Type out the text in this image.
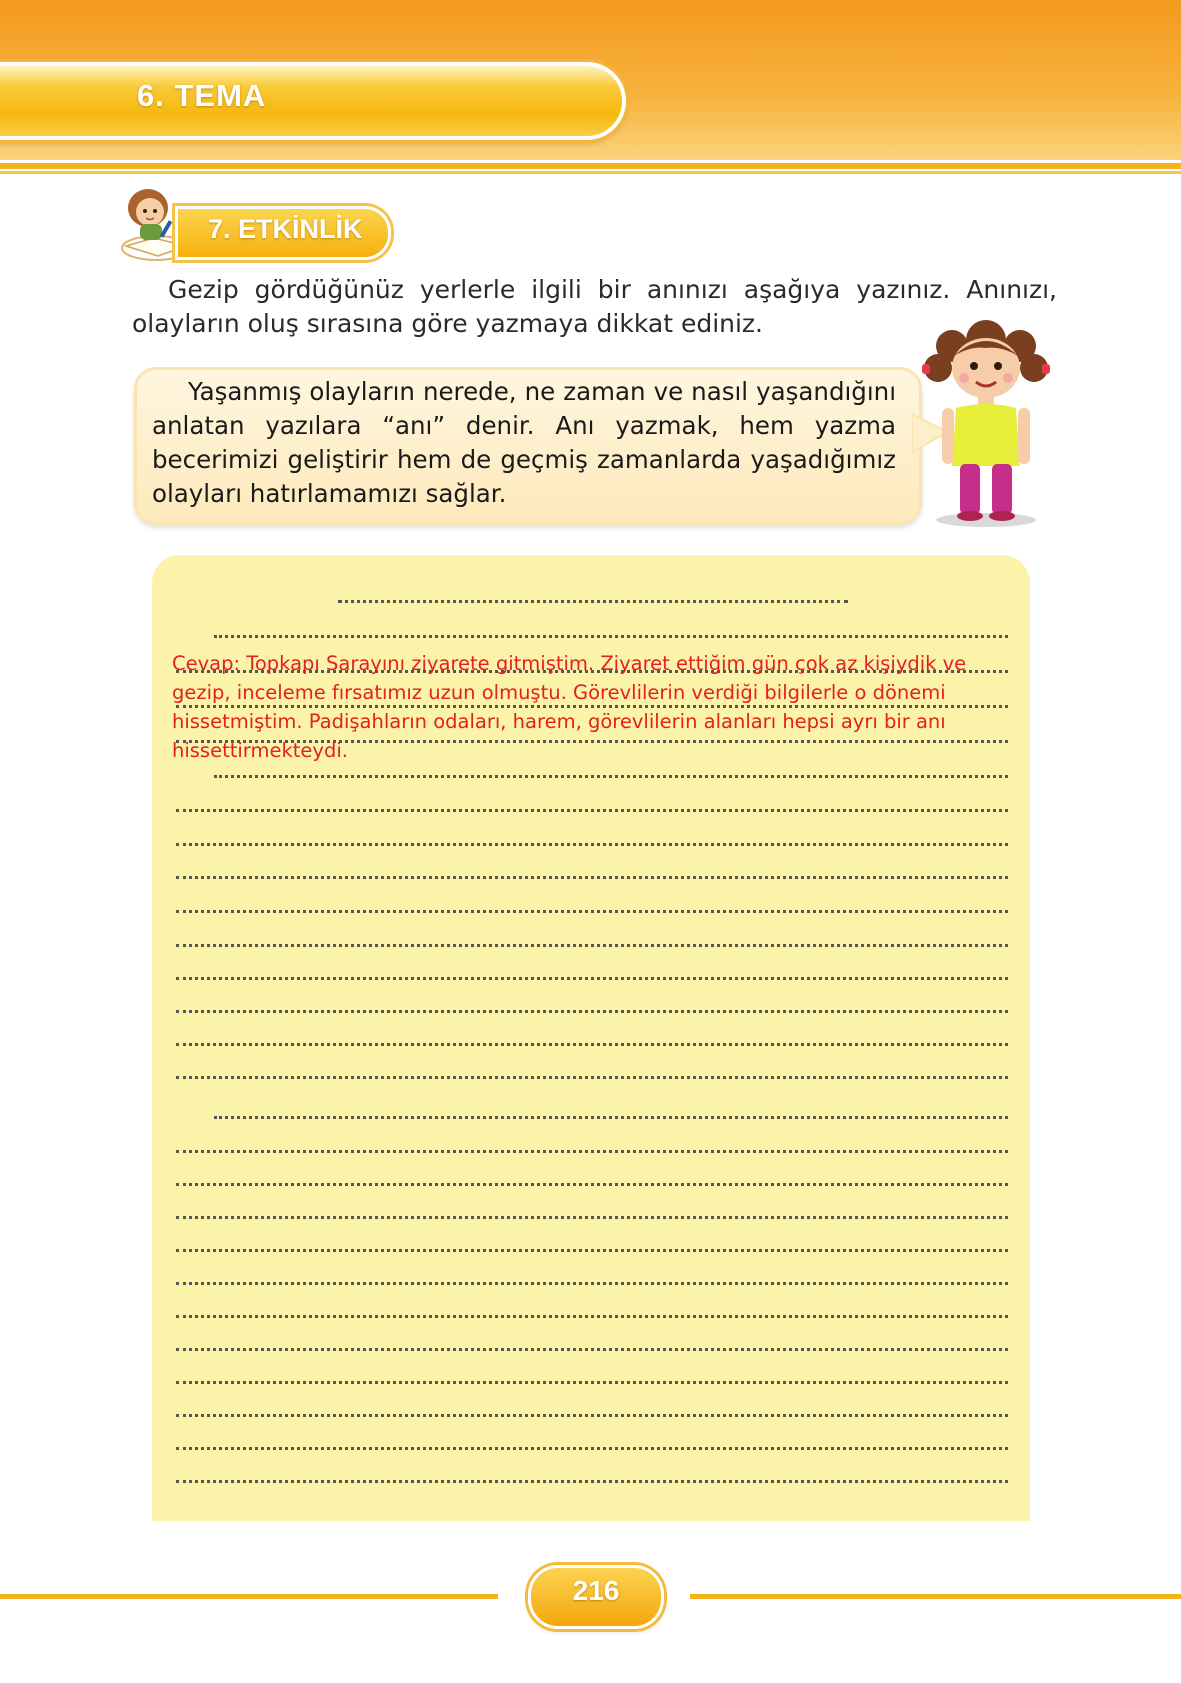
6. TEMA
7. ETKİNLİK
Gezip gördüğünüz yerlerle ilgili bir anınızı aşağıya yazınız. Anınızı, olayların oluş sırasına göre yazmaya dikkat ediniz.
Yaşanmış olayların nerede, ne zaman ve nasıl yaşandığını anlatan yazılara “anı” denir. Anı yazmak, hem yazma becerimizi geliştirir hem de geçmiş zamanlarda yaşadığımız olayları hatırlamamızı sağlar.
Cevap: Topkapı Sarayını ziyarete gitmiştim. Ziyaret ettiğim gün çok az kişiydik ve gezip, inceleme fırsatımız uzun olmuştu. Görevlilerin verdiği bilgilerle o dönemi hissetmiştim. Padişahların odaları, harem, görevlilerin alanları hepsi ayrı bir anı hissettirmekteydi.
216
